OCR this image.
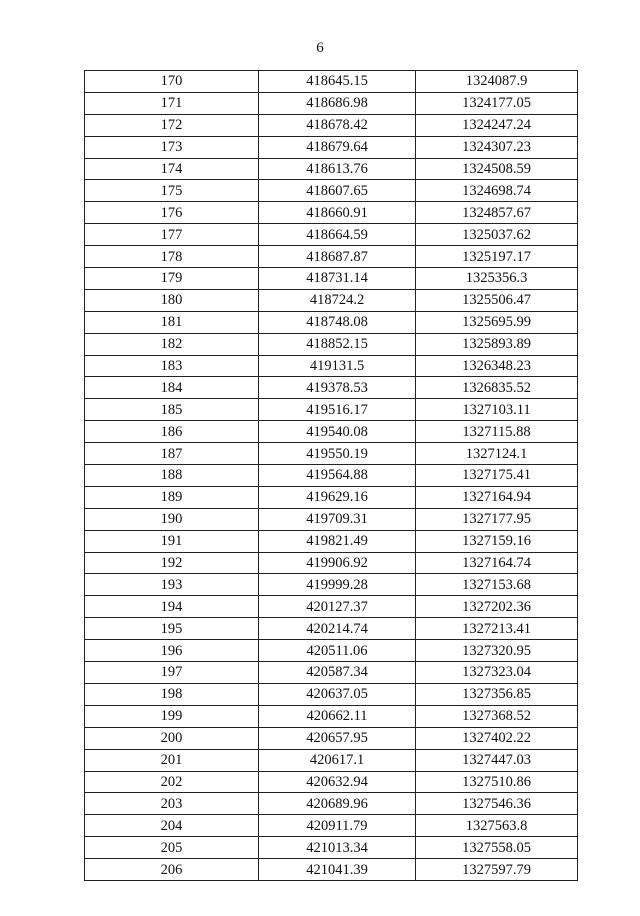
6
170	418645.15	1324087.9
171	418686.98	1324177.05
172	418678.42	1324247.24
173	418679.64	1324307.23
174	418613.76	1324508.59
175	418607.65	1324698.74
176	418660.91	1324857.67
177	418664.59	1325037.62
178	418687.87	1325197.17
179	418731.14	1325356.3
180	418724.2	1325506.47
181	418748.08	1325695.99
182	418852.15	1325893.89
183	419131.5	1326348.23
184	419378.53	1326835.52
185	419516.17	1327103.11
186	419540.08	1327115.88
187	419550.19	1327124.1
188	419564.88	1327175.41
189	419629.16	1327164.94
190	419709.31	1327177.95
191	419821.49	1327159.16
192	419906.92	1327164.74
193	419999.28	1327153.68
194	420127.37	1327202.36
195	420214.74	1327213.41
196	420511.06	1327320.95
197	420587.34	1327323.04
198	420637.05	1327356.85
199	420662.11	1327368.52
200	420657.95	1327402.22
201	420617.1	1327447.03
202	420632.94	1327510.86
203	420689.96	1327546.36
204	420911.79	1327563.8
205	421013.34	1327558.05
206	421041.39	1327597.79
